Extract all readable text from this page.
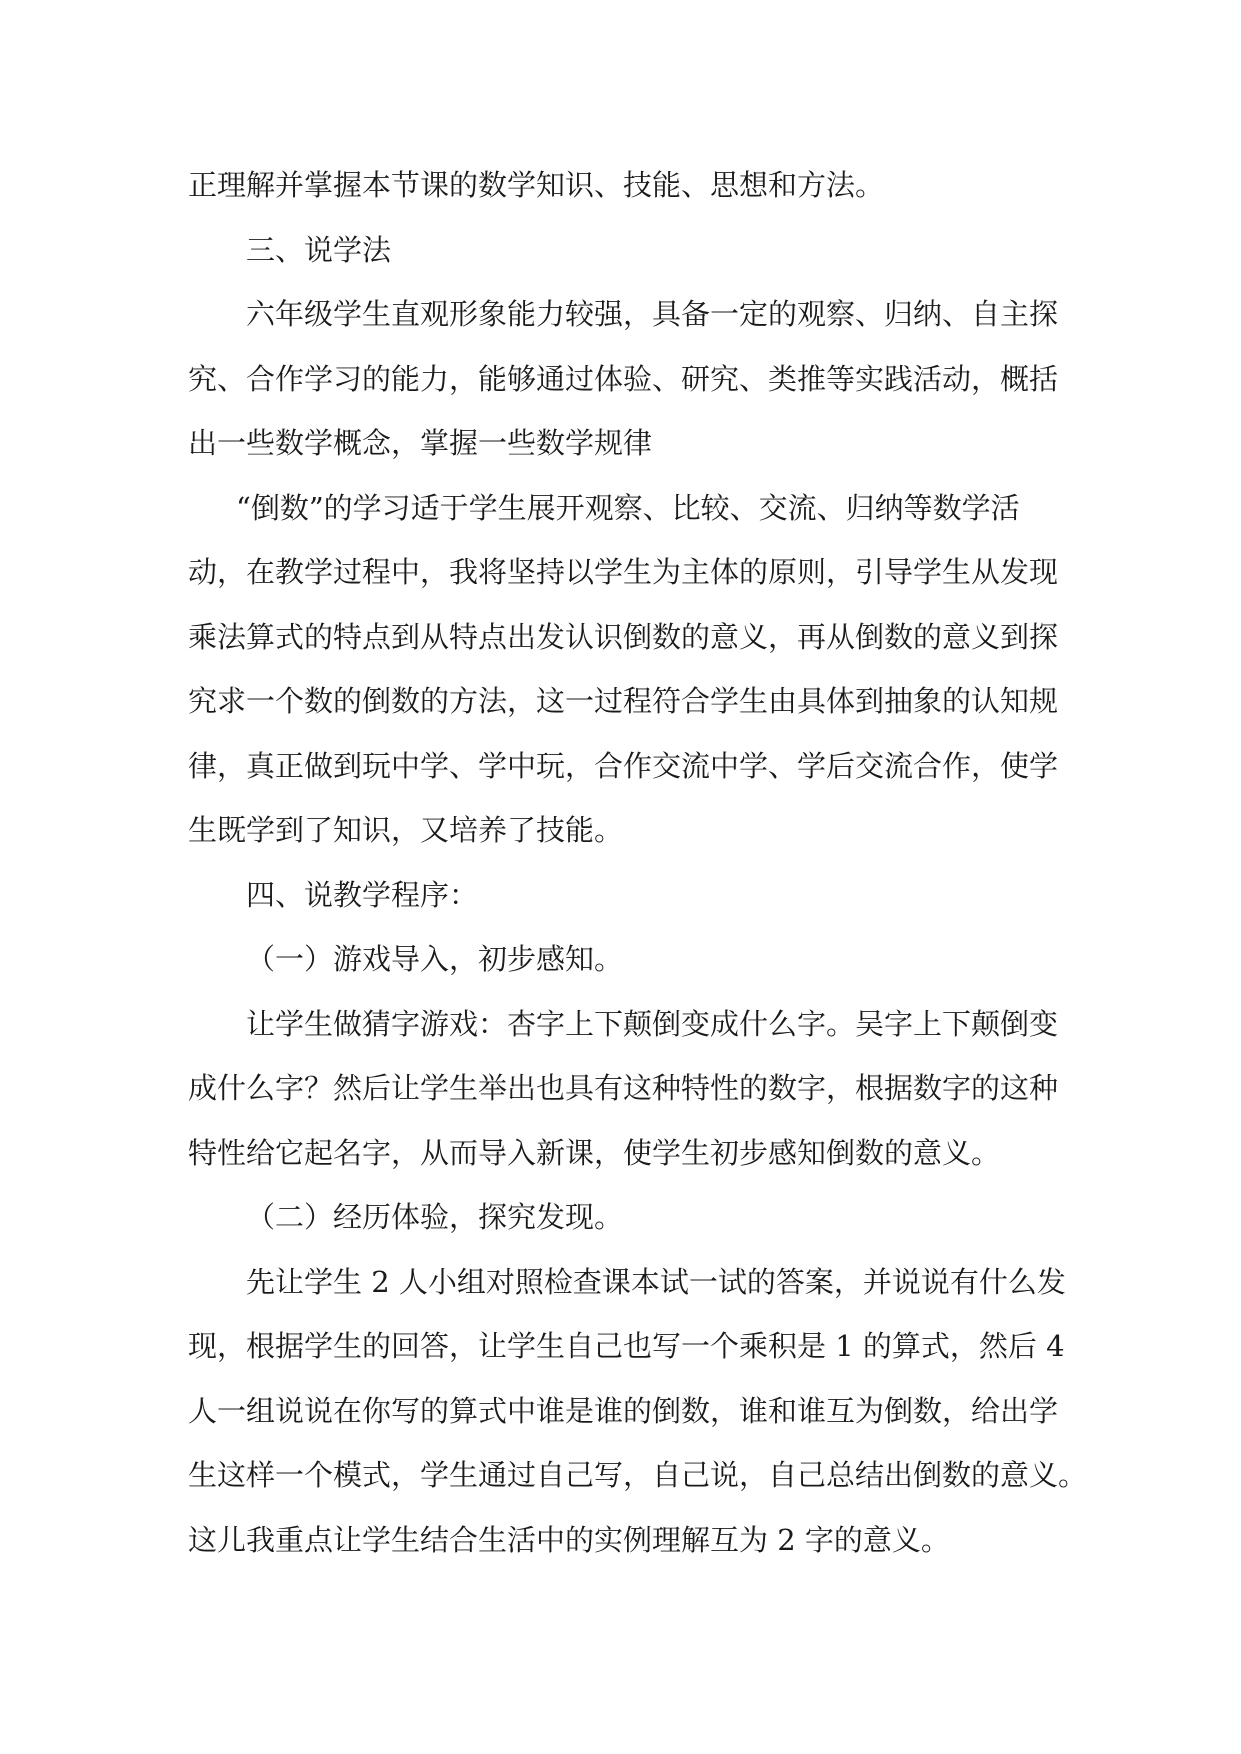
正理解并掌握本节课的数学知识、技能、思想和方法。
三、说学法
六年级学生直观形象能力较强，具备一定的观察、归纳、自主探
究、合作学习的能力，能够通过体验、研究、类推等实践活动，概括
出一些数学概念，掌握一些数学规律
“倒数”的学习适于学生展开观察、比较、交流、归纳等数学活
动，在教学过程中，我将坚持以学生为主体的原则，引导学生从发现
乘法算式的特点到从特点出发认识倒数的意义，再从倒数的意义到探
究求一个数的倒数的方法，这一过程符合学生由具体到抽象的认知规
律，真正做到玩中学、学中玩，合作交流中学、学后交流合作，使学
生既学到了知识，又培养了技能。
四、说教学程序：
（一）游戏导入，初步感知。
让学生做猜字游戏：杏字上下颠倒变成什么字。吴字上下颠倒变
成什么字？然后让学生举出也具有这种特性的数字，根据数字的这种
特性给它起名字，从而导入新课，使学生初步感知倒数的意义。
（二）经历体验，探究发现。
先让学生 2 人小组对照检查课本试一试的答案，并说说有什么发
现，根据学生的回答，让学生自己也写一个乘积是 1 的算式，然后 4
人一组说说在你写的算式中谁是谁的倒数，谁和谁互为倒数，给出学
生这样一个模式，学生通过自己写，自己说，自己总结出倒数的意义。
这儿我重点让学生结合生活中的实例理解互为 2 字的意义。
